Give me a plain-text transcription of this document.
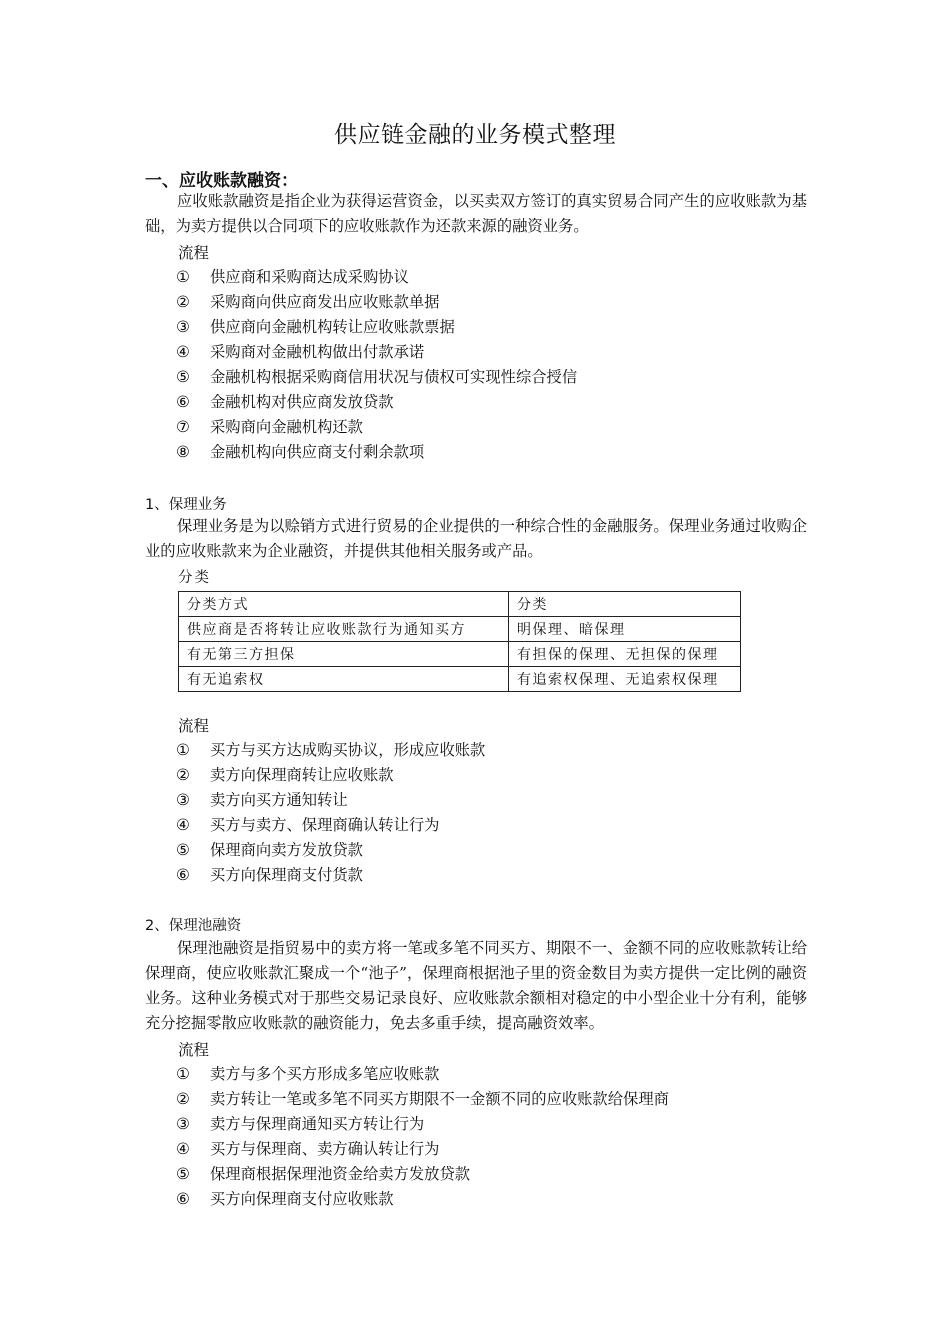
供应链金融的业务模式整理
一、应收账款融资：

应收账款融资是指企业为获得运营资金，以买卖双方签订的真实贸易合同产生的应收账款为基础，为卖方提供以合同项下的应收账款作为还款来源的融资业务。

流程
① 供应商和采购商达成采购协议
② 采购商向供应商发出应收账款单据
③ 供应商向金融机构转让应收账款票据
④ 采购商对金融机构做出付款承诺
⑤ 金融机构根据采购商信用状况与债权可实现性综合授信
⑥ 金融机构对供应商发放贷款
⑦ 采购商向金融机构还款
⑧ 金融机构向供应商支付剩余款项
1、保理业务

保理业务是为以赊销方式进行贸易的企业提供的一种综合性的金融服务。保理业务通过收购企业的应收账款来为企业融资，并提供其他相关服务或产品。

分类
分类方式	分类
供应商是否将转让应收账款行为通知买方	明保理、暗保理
有无第三方担保	有担保的保理、无担保的保理
有无追索权	有追索权保理、无追索权保理
流程
① 买方与买方达成购买协议，形成应收账款
② 卖方向保理商转让应收账款
③ 卖方向买方通知转让
④ 买方与卖方、保理商确认转让行为
⑤ 保理商向卖方发放贷款
⑥ 买方向保理商支付货款
2、保理池融资

保理池融资是指贸易中的卖方将一笔或多笔不同买方、期限不一、金额不同的应收账款转让给保理商，使应收账款汇聚成一个“池子”，保理商根据池子里的资金数目为卖方提供一定比例的融资业务。这种业务模式对于那些交易记录良好、应收账款余额相对稳定的中小型企业十分有利，能够充分挖掘零散应收账款的融资能力，免去多重手续，提高融资效率。

流程
① 卖方与多个买方形成多笔应收账款
② 卖方转让一笔或多笔不同买方期限不一金额不同的应收账款给保理商
③ 卖方与保理商通知买方转让行为
④ 买方与保理商、卖方确认转让行为
⑤ 保理商根据保理池资金给卖方发放贷款
⑥ 买方向保理商支付应收账款
